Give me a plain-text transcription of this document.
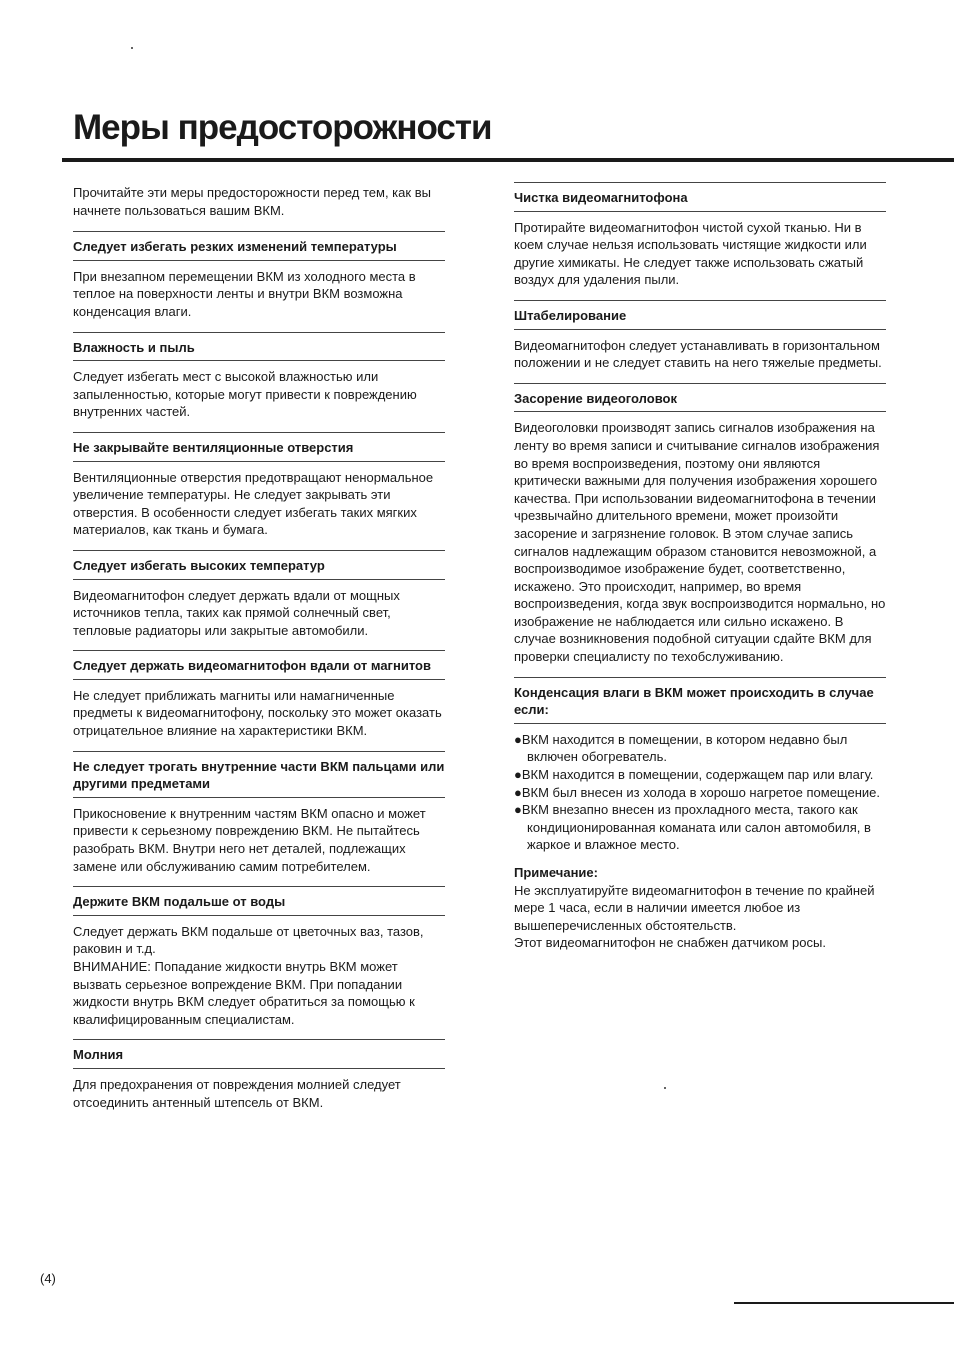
Меры предосторожности

Прочитайте эти меры предосторожности перед тем, как вы начнете пользоваться вашим ВКМ.

Следует избегать резких изменений температуры

При внезапном перемещении ВКМ из холодного места в теплое на поверхности ленты и внутри ВКМ возможна конденсация влаги.

Влажность и пыль

Следует избегать мест с высокой влажностью или запыленностью, которые могут привести к повреждению внутренних частей.

Не закрывайте вентиляционные отверстия

Вентиляционные отверстия предотвращают ненормальное увеличение температуры. Не следует закрывать эти отверстия. В особенности следует избегать таких мягких материалов, как ткань и бумага.

Следует избегать высоких температур

Видеомагнитофон следует держать вдали от мощных источников тепла, таких как прямой солнечный свет, тепловые радиаторы или закрытые автомобили.

Следует держать видеомагнитофон вдали от магнитов

Не следует приближать магниты или намагниченные предметы к видеомагнитофону, поскольку это может оказать отрицательное влияние на характеристики ВКМ.

Не следует трогать внутренние части ВКМ пальцами или другими предметами

Прикосновение к внутренним частям ВКМ опасно и может привести к серьезному повреждению ВКМ. Не пытайтесь разобрать ВКМ. Внутри него нет деталей, подлежащих замене или обслуживанию самим потребителем.

Держите ВКМ подальше от воды

Следует держать ВКМ подальше от цветочных ваз, тазов, раковин и т.д.
ВНИМАНИЕ: Попадание жидкости внутрь ВКМ может вызвать серьезное вопреждение ВКМ. При попадании жидкости внутрь ВКМ следует обратиться за помощью к квалифицированным специалистам.

Молния

Для предохранения от повреждения молнией следует отсоединить антенный штепсель от ВКМ.

Чистка видеомагнитофона

Протирайте видеомагнитофон чистой сухой тканью. Ни в коем случае нельзя использовать чистящие жидкости или другие химикаты. Не следует также использовать сжатый воздух для удаления пыли.

Штабелирование

Видеомагнитофон следует устанавливать в горизонтальном положении и не следует ставить на него тяжелые предметы.

Засорение видеоголовок

Видеоголовки производят запись сигналов изображения на ленту во время записи и считывание сигналов изображения во время воспроизведения, поэтому они являются критически важными для получения изображения хорошего качества. При использовании видеомагнитофона в течении чрезвычайно длительного времени, может произойти засорение и загрязнение головок. В этом случае запись сигналов надлежащим образом становится невозможной, а воспроизводимое изображение будет, соответственно, искажено. Это происходит, например, во время воспроизведения, когда звук воспроизводится нормально, но изображение не наблюдается или сильно искажено. В случае возникновения подобной ситуации сдайте ВКМ для проверки специалисту по техобслуживанию.

Конденсация влаги в ВКМ может происходить в случае если:
●ВКМ находится в помещении, в котором недавно был включен обогреватель.
●ВКМ находится в помещении, содержащем пар или влагу.
●ВКМ был внесен из холода в хорошо нагретое помещение.
●ВКМ внезапно внесен из прохладного места, такого как кондиционированная команата или салон автомобиля, в жаркое и влажное место.

Примечание:

Не эксплуатируйте видеомагнитофон в течение по крайней мере 1 часа, если в наличии имеется любое из вышеперечисленных обстоятельств.

Этот видеомагнитофон не снабжен датчиком росы.

(4)
